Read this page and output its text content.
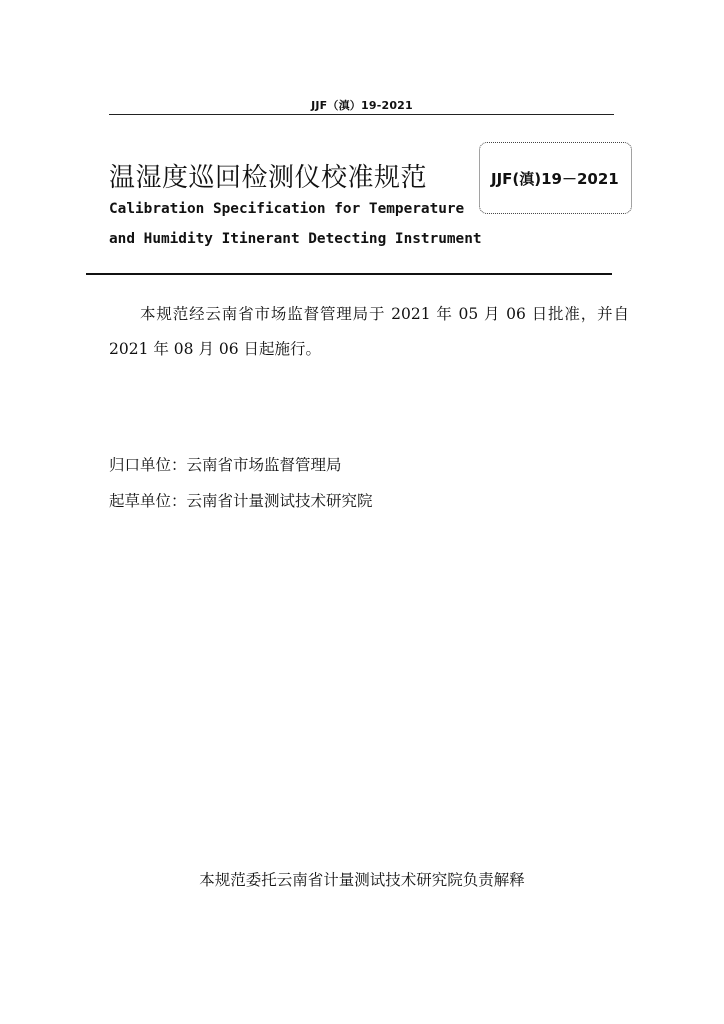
JJF（滇）19-2021
温湿度巡回检测仪校准规范	JJF(滇)19－2021
Calibration Specification for Temperature
and Humidity Itinerant Detecting Instrument
本规范经云南省市场监督管理局于 2021 年 05 月 06 日批准，并自 2021 年 08 月 06 日起施行。
归口单位：云南省市场监督管理局
起草单位：云南省计量测试技术研究院
本规范委托云南省计量测试技术研究院负责解释
